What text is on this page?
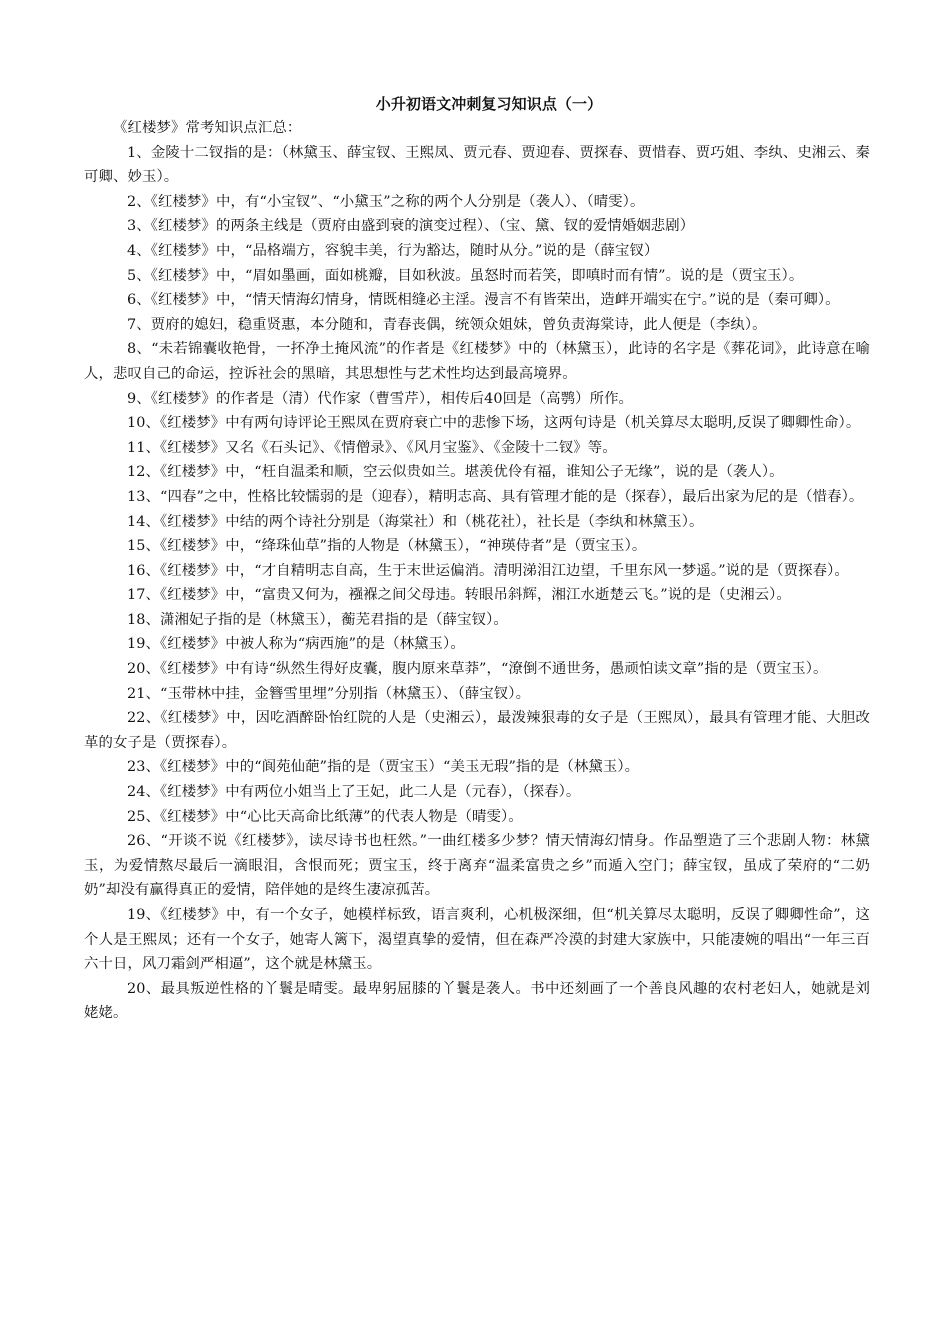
小升初语文冲刺复习知识点（一）

《红楼梦》常考知识点汇总：

1、金陵十二钗指的是：（林黛玉、薛宝钗、王熙凤、贾元春、贾迎春、贾探春、贾惜春、贾巧姐、李纨、史湘云、秦可卿、妙玉）。
2、《红楼梦》中，有“小宝钗”、“小黛玉”之称的两个人分别是（袭人）、（晴雯）。
3、《红楼梦》的两条主线是（贾府由盛到衰的演变过程）、（宝、黛、钗的爱情婚姻悲剧）
4、《红楼梦》中，“品格端方，容貌丰美，行为豁达，随时从分。”说的是（薛宝钗）
5、《红楼梦》中，“眉如墨画，面如桃瓣，目如秋波。虽怒时而若笑，即嗔时而有情”。说的是（贾宝玉）。
6、《红楼梦》中，“情天情海幻情身，情既相缝必主淫。漫言不有皆荣出，造衅开端实在宁。”说的是（秦可卿）。
7、贾府的媳妇，稳重贤惠，本分随和，青春丧偶，统领众姐妹，曾负责海棠诗，此人便是（李纨）。
8、“未若锦囊收艳骨，一抔净土掩风流”的作者是《红楼梦》中的（林黛玉），此诗的名字是《葬花词》，此诗意在喻人，悲叹自己的命运，控诉社会的黑暗，其思想性与艺术性均达到最高境界。
9、《红楼梦》的作者是（清）代作家（曹雪芹），相传后40回是（高鹗）所作。
10、《红楼梦》中有两句诗评论王熙凤在贾府衰亡中的悲惨下场，这两句诗是（机关算尽太聪明,反误了卿卿性命）。
11、《红楼梦》又名《石头记》、《情僧录》、《风月宝鉴》、《金陵十二钗》等。
12、《红楼梦》中，“枉自温柔和顺，空云似贵如兰。堪羡优伶有福，谁知公子无缘”，说的是（袭人）。
13、“四春”之中，性格比较懦弱的是（迎春），精明志高、具有管理才能的是（探春），最后出家为尼的是（惜春）。
14、《红楼梦》中结的两个诗社分别是（海棠社）和（桃花社），社长是（李纨和林黛玉）。
15、《红楼梦》中，“绛珠仙草”指的人物是（林黛玉），“神瑛侍者”是（贾宝玉）。
16、《红楼梦》中，“才自精明志自高，生于末世运偏消。清明涕泪江边望，千里东风一梦遥。”说的是（贾探春）。
17、《红楼梦》中，“富贵又何为，襁褓之间父母违。转眼吊斜辉，湘江水逝楚云飞。”说的是（史湘云）。
18、潇湘妃子指的是（林黛玉），蘅芜君指的是（薛宝钗）。
19、《红楼梦》中被人称为“病西施”的是（林黛玉）。
20、《红楼梦》中有诗“纵然生得好皮囊，腹内原来草莽”，“潦倒不通世务，愚顽怕读文章”指的是（贾宝玉）。
21、“玉带林中挂，金簪雪里埋”分别指（林黛玉）、（薛宝钗）。
22、《红楼梦》中，因吃酒醉卧怡红院的人是（史湘云），最泼辣狠毒的女子是（王熙凤），最具有管理才能、大胆改革的女子是（贾探春）。
23、《红楼梦》中的“阆苑仙葩”指的是（贾宝玉）“美玉无瑕”指的是（林黛玉）。
24、《红楼梦》中有两位小姐当上了王妃，此二人是（元春），（探春）。
25、《红楼梦》中“心比天高命比纸薄”的代表人物是（晴雯）。
26、“开谈不说《红楼梦》，读尽诗书也枉然。”一曲红楼多少梦？情天情海幻情身。作品塑造了三个悲剧人物：林黛玉，为爱情熬尽最后一滴眼泪，含恨而死；贾宝玉，终于离弃“温柔富贵之乡”而遁入空门；薛宝钗，虽成了荣府的“二奶奶”却没有赢得真正的爱情，陪伴她的是终生凄凉孤苦。
19、《红楼梦》中，有一个女子，她模样标致，语言爽利，心机极深细，但“机关算尽太聪明，反误了卿卿性命”，这个人是王熙凤；还有一个女子，她寄人篱下，渴望真挚的爱情，但在森严冷漠的封建大家族中，只能凄婉的唱出“一年三百六十日，风刀霜剑严相逼”，这个就是林黛玉。
20、最具叛逆性格的丫鬟是晴雯。最卑躬屈膝的丫鬟是袭人。书中还刻画了一个善良风趣的农村老妇人，她就是刘姥姥。
